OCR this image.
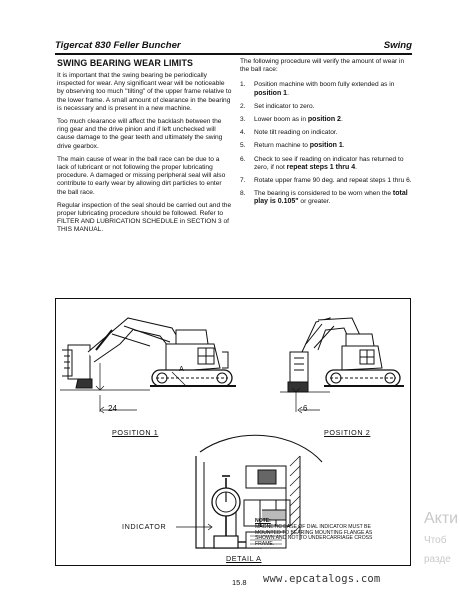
Tigercat 830 Feller Buncher	Swing
SWING BEARING WEAR LIMITS

It is important that the swing bearing be periodically inspected for wear. Any significant wear will be noticeable by observing too much "tilting" of the upper frame relative to the lower frame. A small amount of clearance in the bearing is necessary and is present in a new machine.

Too much clearance will affect the backlash between the ring gear and the drive pinion and if left unchecked will cause damage to the gear teeth and ultimately the swing drive gearbox.

The main cause of wear in the ball race can be due to a lack of lubricant or not following the proper lubricating procedure. A damaged or missing peripheral seal will also contribute to early wear by allowing dirt particles to enter the ball race.

Regular inspection of the seal should be carried out and the proper lubricating procedure should be followed. Refer to FILTER AND LUBRICATION SCHEDULE in SECTION 3 of THIS MANUAL.

The following procedure will verify the amount of wear in the ball race:

1.	Position machine with boom fully extended as in position 1.
2.	Set indicator to zero.
3.	Lower boom as in position 2.
4.	Note tilt reading on indicator.
5.	Return machine to position 1.
6.	Check to see if reading on indicator has returned to zero, if not repeat steps 1 thru 4.
7.	Rotate upper frame 90 deg. and repeat steps 1 thru 6.
8.	The bearing is considered to be worn when the total play is 0.105" or greater.
A
24	6
POSITION 1	POSITION 2
INDICATOR
DETAIL A
NOTE:
MAGNETIC BASE OF DIAL INDICATOR MUST BE MOUNTED TO BEARING MOUNTING FLANGE AS SHOWN AND NOT TO UNDERCARRIAGE CROSS FRAME.
15.8 www.epcatalogs.com
Акти
Чтоб
разде
